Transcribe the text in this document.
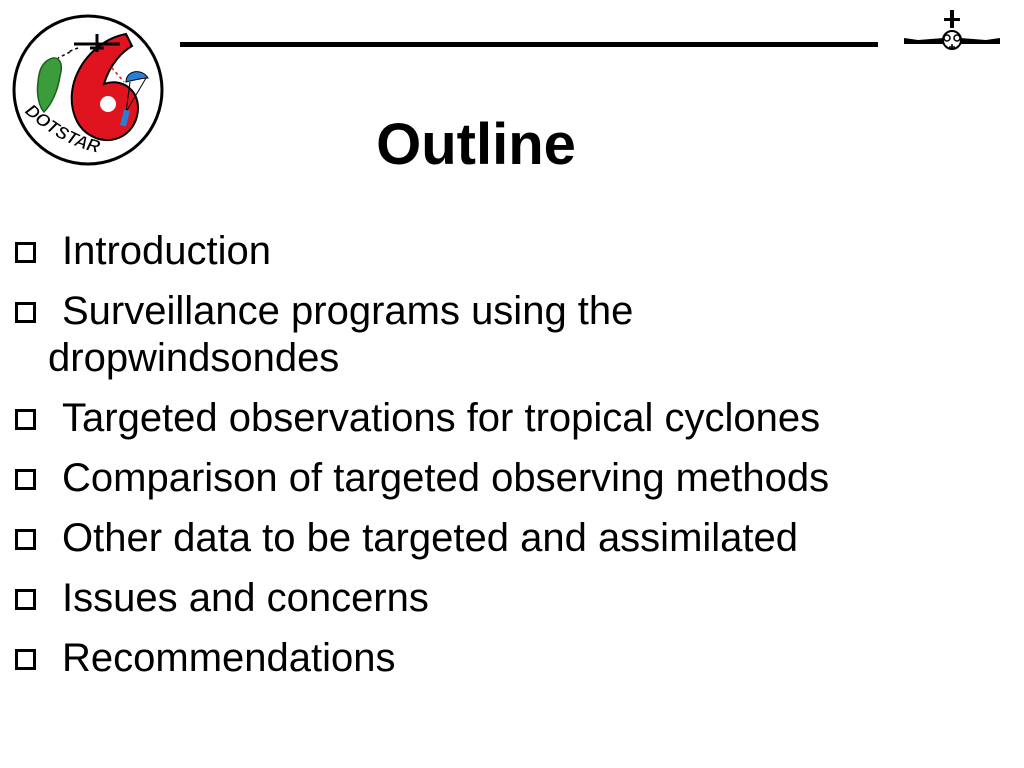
DOTSTAR	Outline
Introduction
Surveillance programs using the
dropwindsondes
Targeted observations for tropical cyclones
Comparison of targeted observing methods
Other data to be targeted and assimilated
Issues and concerns
Recommendations
